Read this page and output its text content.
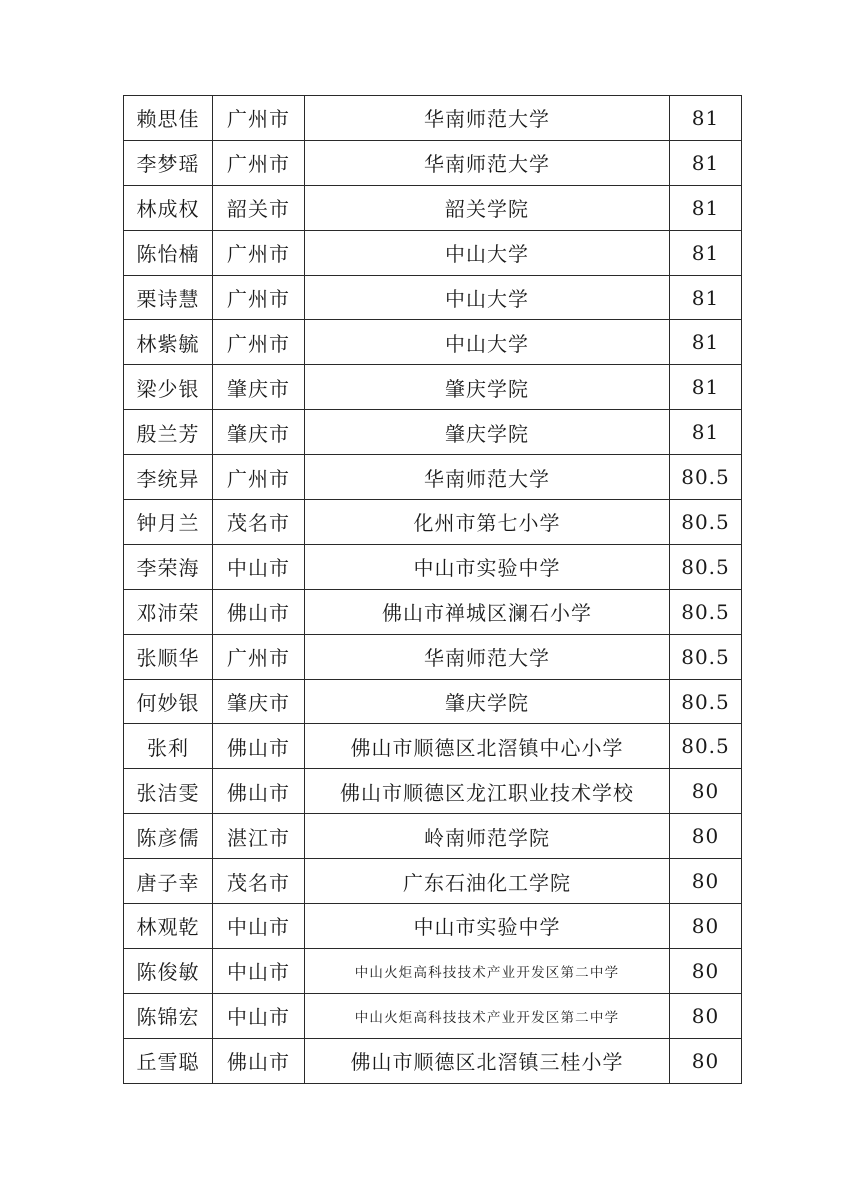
赖思佳	广州市	华南师范大学	81
李梦瑶	广州市	华南师范大学	81
林成权	韶关市	韶关学院	81
陈怡楠	广州市	中山大学	81
栗诗慧	广州市	中山大学	81
林紫毓	广州市	中山大学	81
梁少银	肇庆市	肇庆学院	81
殷兰芳	肇庆市	肇庆学院	81
李统异	广州市	华南师范大学	80.5
钟月兰	茂名市	化州市第七小学	80.5
李荣海	中山市	中山市实验中学	80.5
邓沛荣	佛山市	佛山市禅城区澜石小学	80.5
张顺华	广州市	华南师范大学	80.5
何妙银	肇庆市	肇庆学院	80.5
张利	佛山市	佛山市顺德区北滘镇中心小学	80.5
张洁雯	佛山市	佛山市顺德区龙江职业技术学校	80
陈彦儒	湛江市	岭南师范学院	80
唐子幸	茂名市	广东石油化工学院	80
林观乾	中山市	中山市实验中学	80
陈俊敏	中山市	中山火炬高科技技术产业开发区第二中学	80
陈锦宏	中山市	中山火炬高科技技术产业开发区第二中学	80
丘雪聪	佛山市	佛山市顺德区北滘镇三桂小学	80
